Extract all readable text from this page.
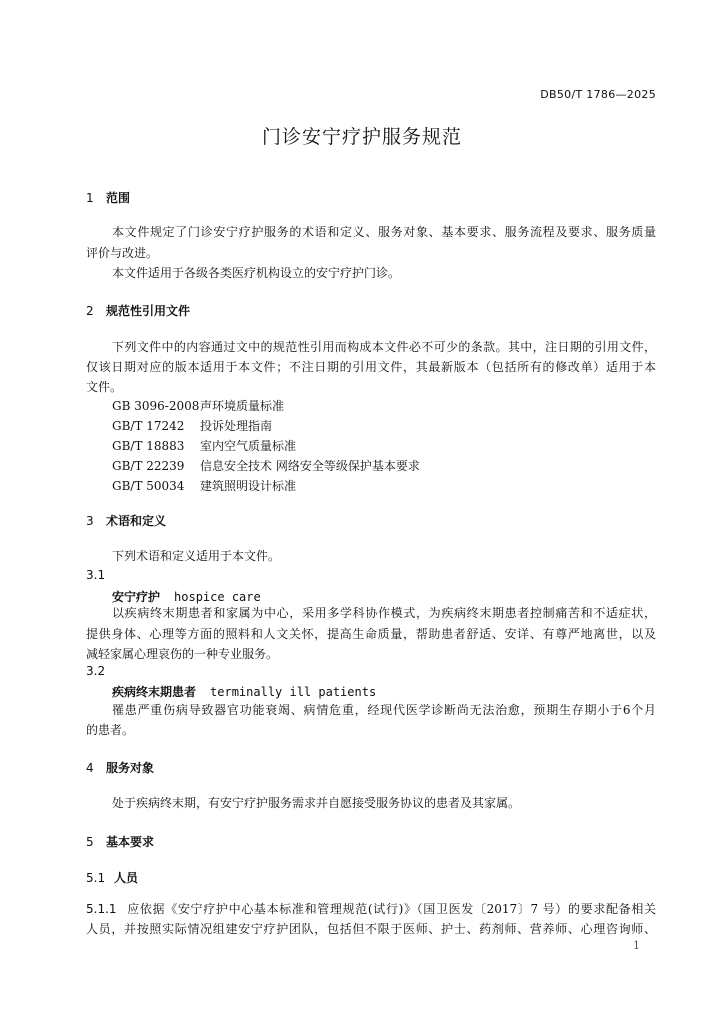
DB50/T 1786—2025
门诊安宁疗护服务规范
1 范围
本文件规定了门诊安宁疗护服务的术语和定义、服务对象、基本要求、服务流程及要求、服务质量
评价与改进。
本文件适用于各级各类医疗机构设立的安宁疗护门诊。
2 规范性引用文件
下列文件中的内容通过文中的规范性引用而构成本文件必不可少的条款。其中，注日期的引用文件，
仅该日期对应的版本适用于本文件；不注日期的引用文件，其最新版本（包括所有的修改单）适用于本
文件。
GB 3096-2008声环境质量标准
GB/T 17242 投诉处理指南
GB/T 18883 室内空气质量标准
GB/T 22239 信息安全技术 网络安全等级保护基本要求
GB/T 50034 建筑照明设计标准
3 术语和定义
下列术语和定义适用于本文件。
3.1
安宁疗护 hospice care
以疾病终末期患者和家属为中心，采用多学科协作模式，为疾病终末期患者控制痛苦和不适症状，
提供身体、心理等方面的照料和人文关怀，提高生命质量，帮助患者舒适、安详、有尊严地离世，以及
减轻家属心理哀伤的一种专业服务。
3.2
疾病终末期患者 terminally ill patients
罹患严重伤病导致器官功能衰竭、病情危重，经现代医学诊断尚无法治愈，预期生存期小于6个月
的患者。
4 服务对象
处于疾病终末期，有安宁疗护服务需求并自愿接受服务协议的患者及其家属。
5 基本要求
5.1 人员
5.1.1 应依据《安宁疗护中心基本标准和管理规范(试行)》（国卫医发〔2017〕7 号）的要求配备相关
人员，并按照实际情况组建安宁疗护团队，包括但不限于医师、护士、药剂师、营养师、心理咨询师、
1
